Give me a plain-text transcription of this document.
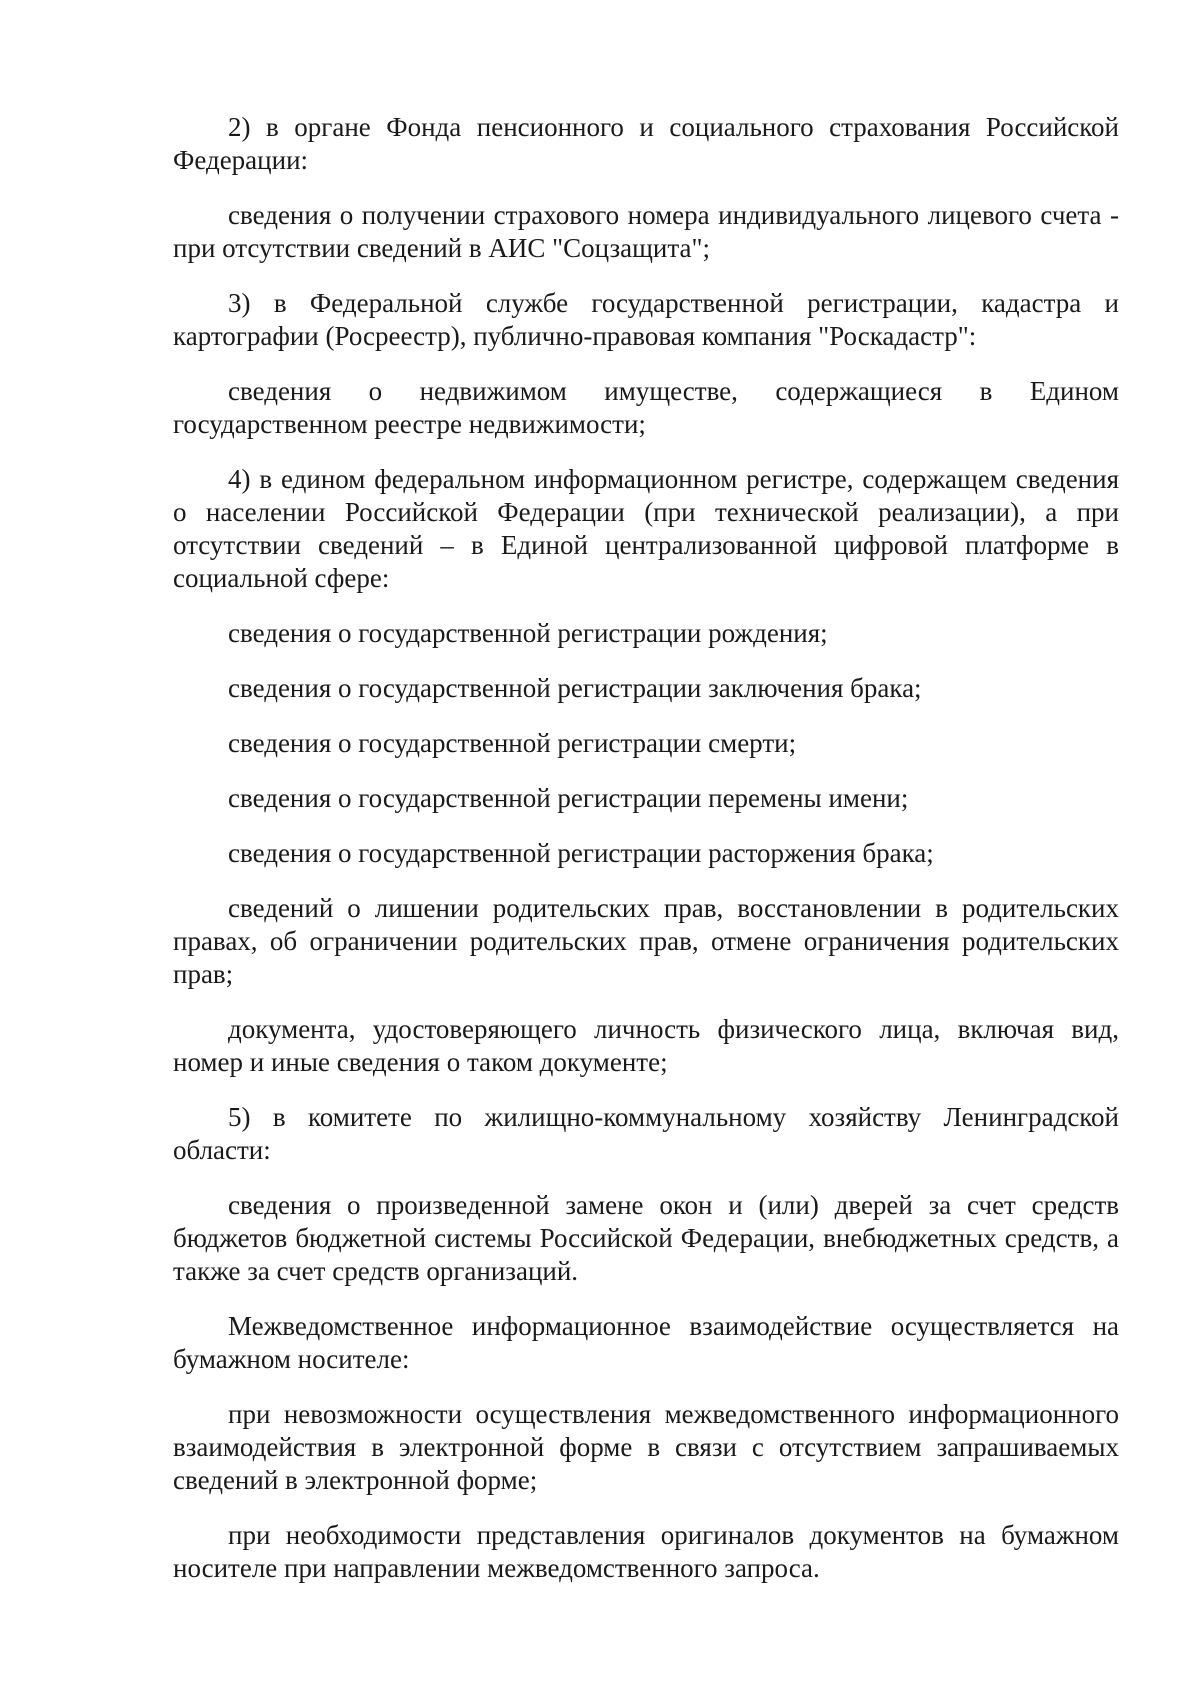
2) в органе Фонда пенсионного и социального страхования Российской Федерации:

сведения о получении страхового номера индивидуального лицевого счета - при отсутствии сведений в АИС "Соцзащита";

3) в Федеральной службе государственной регистрации, кадастра и картографии (Росреестр), публично-правовая компания "Роскадастр":

сведения о недвижимом имуществе, содержащиеся в Едином государственном реестре недвижимости;

4) в едином федеральном информационном регистре, содержащем сведения о населении Российской Федерации (при технической реализации), а при отсутствии сведений – в Единой централизованной цифровой платформе в социальной сфере:

сведения о государственной регистрации рождения;

сведения о государственной регистрации заключения брака;

сведения о государственной регистрации смерти;

сведения о государственной регистрации перемены имени;

сведения о государственной регистрации расторжения брака;

сведений о лишении родительских прав, восстановлении в родительских правах, об ограничении родительских прав, отмене ограничения родительских прав;

документа, удостоверяющего личность физического лица, включая вид, номер и иные сведения о таком документе;

5) в комитете по жилищно-коммунальному хозяйству Ленинградской области:

сведения о произведенной замене окон и (или) дверей за счет средств бюджетов бюджетной системы Российской Федерации, внебюджетных средств, а также за счет средств организаций.

Межведомственное информационное взаимодействие осуществляется на бумажном носителе:

при невозможности осуществления межведомственного информационного взаимодействия в электронной форме в связи с отсутствием запрашиваемых сведений в электронной форме;

при необходимости представления оригиналов документов на бумажном носителе при направлении межведомственного запроса.
